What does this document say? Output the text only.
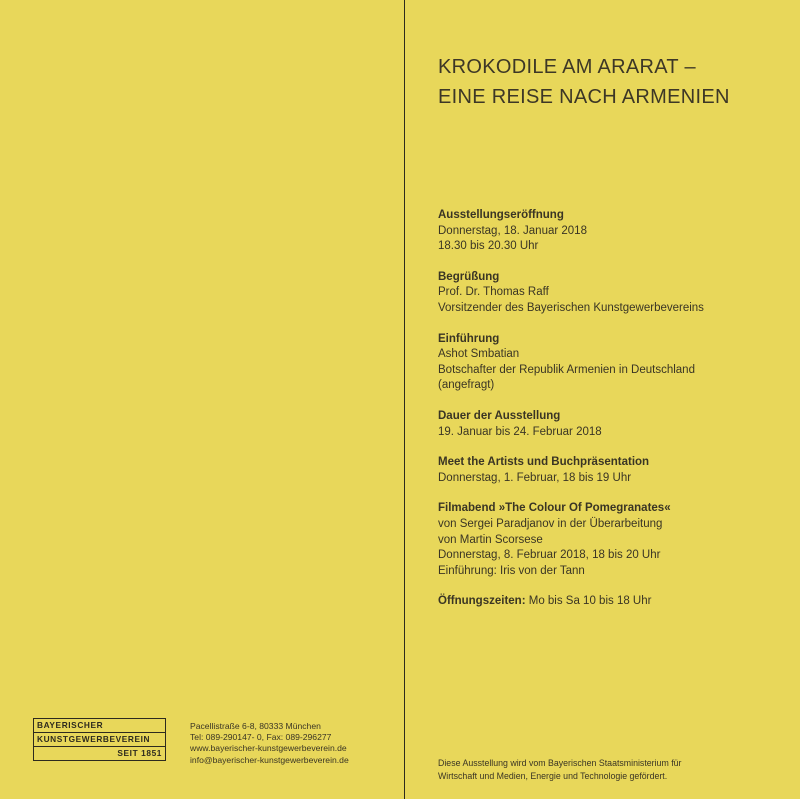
KROKODILE AM ARARAT –
EINE REISE NACH ARMENIEN
Ausstellungseröffnung
Donnerstag, 18. Januar 2018
18.30 bis 20.30 Uhr
Begrüßung
Prof. Dr. Thomas Raff
Vorsitzender des Bayerischen Kunstgewerbevereins
Einführung
Ashot Smbatian
Botschafter der Republik Armenien in Deutschland
(angefragt)
Dauer der Ausstellung
19. Januar bis 24. Februar 2018
Meet the Artists und Buchpräsentation
Donnerstag, 1. Februar, 18 bis 19 Uhr
Filmabend »The Colour Of Pomegranates«
von Sergei Paradjanov in der Überarbeitung
von Martin Scorsese
Donnerstag, 8. Februar 2018, 18 bis 20 Uhr
Einführung: Iris von der Tann
Öffnungszeiten: Mo bis Sa 10 bis 18 Uhr
BAYERISCHER
KUNSTGEWERBEVEREIN
SEIT 1851
Pacellistraße 6-8, 80333 München
Tel: 089-290147- 0, Fax: 089-296277
www.bayerischer-kunstgewerbeverein.de
info@bayerischer-kunstgewerbeverein.de	Diese Ausstellung wird vom Bayerischen Staatsministerium für
Wirtschaft und Medien, Energie und Technologie gefördert.
